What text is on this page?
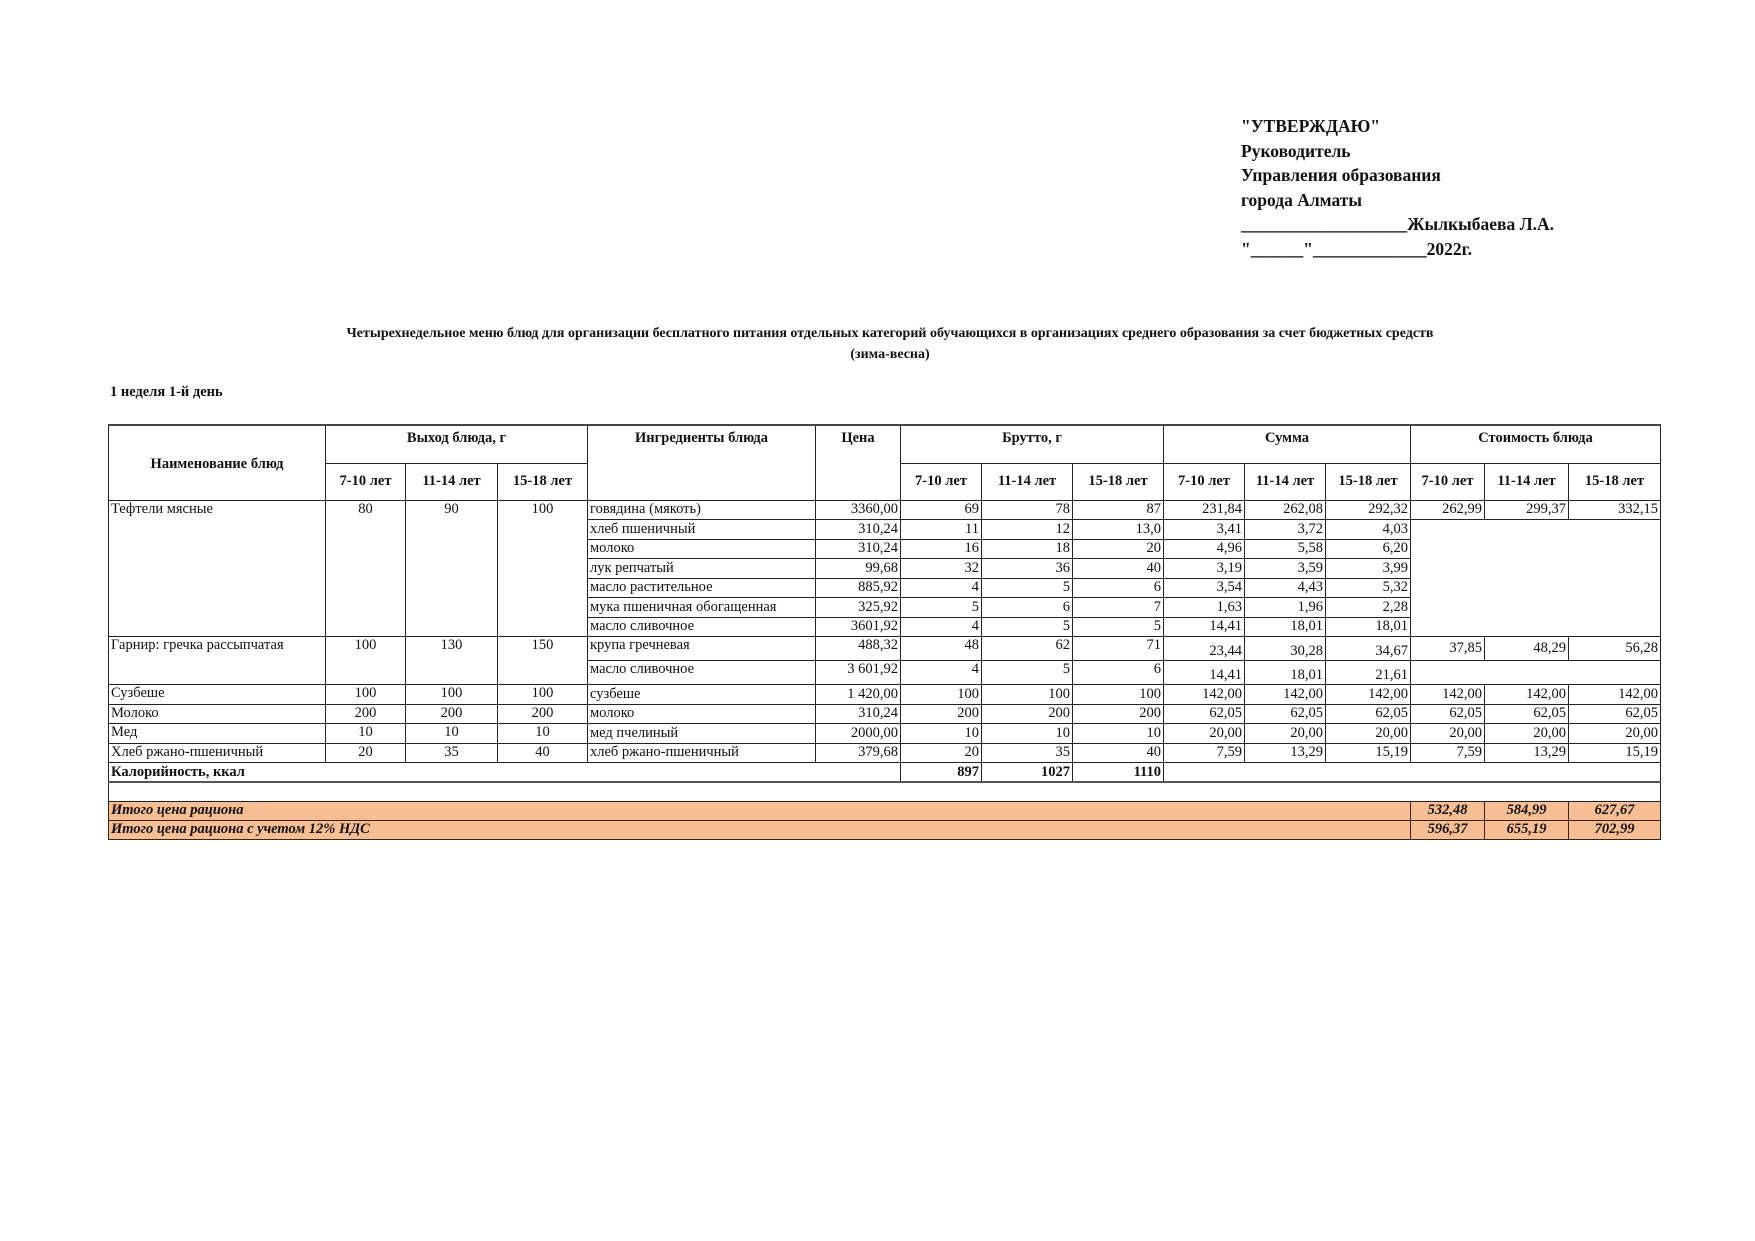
"УТВЕРЖДАЮ"
Руководитель
Управления образования
города Алматы
___________________Жылкыбаева Л.А.
"______"_____________2022г.
Четырехнедельное меню блюд для организации бесплатного питания отдельных категорий обучающихся в организациях среднего образования за счет бюджетных средств
(зима-весна)
1 неделя 1-й день
Наименование блюд	Выход блюда, г			Ингредиенты блюда	Цена	Брутто, г			Сумма			Стоимость блюда		
	7-10 лет	11-14 лет	15-18 лет			7-10 лет	11-14 лет	15-18 лет	7-10 лет	11-14 лет	15-18 лет	7-10 лет	11-14 лет	15-18 лет
Тефтели мясные	80	90	100	говядина (мякоть)	3360,00	69	78	87	231,84	262,08	292,32	262,99	299,37	332,15
				хлеб пшеничный	310,24	11	12	13,0	3,41	3,72	4,03			
				молоко	310,24	16	18	20	4,96	5,58	6,20			
				лук репчатый	99,68	32	36	40	3,19	3,59	3,99			
				масло растительное	885,92	4	5	6	3,54	4,43	5,32			
				мука пшеничная обогащенная	325,92	5	6	7	1,63	1,96	2,28			
				масло сливочное	3601,92	4	5	5	14,41	18,01	18,01			
Гарнир: гречка рассыпчатая	100	130	150	крупа гречневая	488,32	48	62	71	23,44	30,28	34,67	37,85	48,29	56,28
				масло сливочное	3 601,92	4	5	6	14,41	18,01	21,61			
Сузбеше	100	100	100	сузбеше	1 420,00	100	100	100	142,00	142,00	142,00	142,00	142,00	142,00
Молоко	200	200	200	молоко	310,24	200	200	200	62,05	62,05	62,05	62,05	62,05	62,05
Мед	10	10	10	мед пчелиный	2000,00	10	10	10	20,00	20,00	20,00	20,00	20,00	20,00
Хлеб ржано-пшеничный	20	35	40	хлеб ржано-пшеничный	379,68	20	35	40	7,59	13,29	15,19	7,59	13,29	15,19
Калорийность, ккал						897	1027	1110						

Итого цена рациона												532,48	584,99	627,67
Итого цена рациона с учетом 12% НДС												596,37	655,19	702,99
